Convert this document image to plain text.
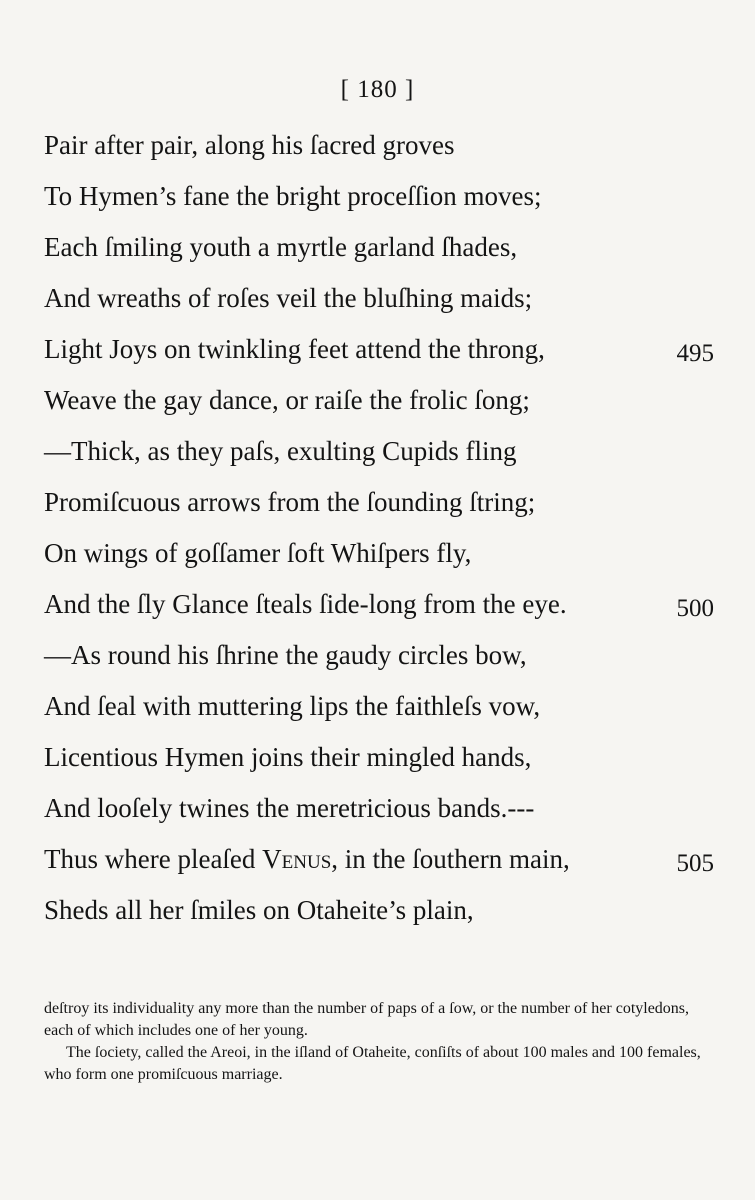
[ 180 ]
Pair after pair, along his ſacred groves
To Hymen’s fane the bright proceſſion moves;
Each ſmiling youth a myrtle garland ſhades,
And wreaths of roſes veil the bluſhing maids;
Light Joys on twinkling feet attend the throng,	495
Weave the gay dance, or raiſe the frolic ſong;
—Thick, as they paſs, exulting Cupids fling
Promiſcuous arrows from the ſounding ſtring;
On wings of goſſamer ſoft Whiſpers fly,
And the ſly Glance ſteals ſide-long from the eye.	500
—As round his ſhrine the gaudy circles bow,
And ſeal with muttering lips the faithleſs vow,
Licentious Hymen joins their mingled hands,
And looſely twines the meretricious bands.---
Thus where pleaſed Venus, in the ſouthern main,	505
Sheds all her ſmiles on Otaheite’s plain,

deſtroy its individuality any more than the number of paps of a ſow, or the number of her cotyledons, each of which includes one of her young.

The ſociety, called the Areoi, in the iſland of Otaheite, conſiſts of about 100 males and 100 females, who form one promiſcuous marriage.
